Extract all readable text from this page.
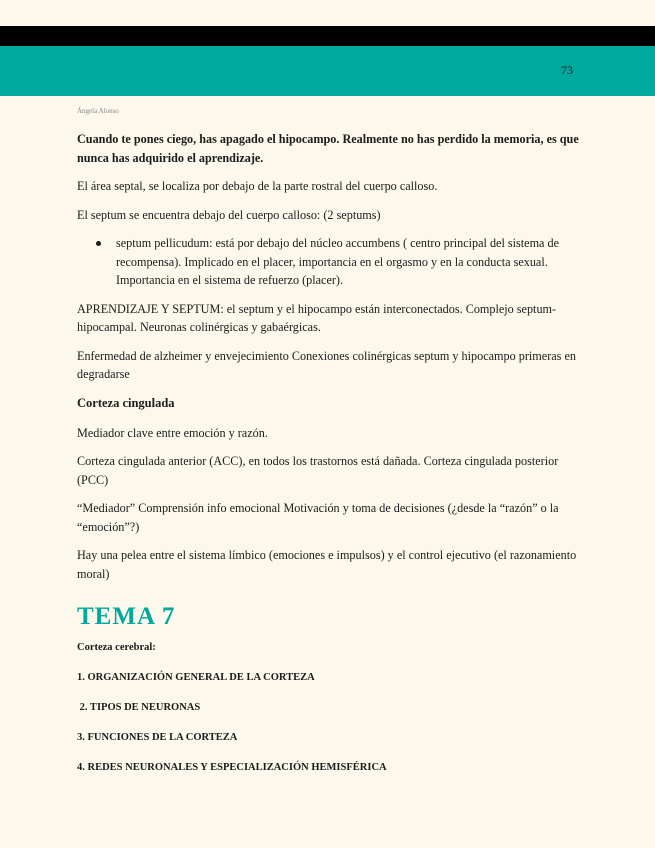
73
Ángela Alonso

Cuando te pones ciego, has apagado el hipocampo. Realmente no has perdido la memoria, es que nunca has adquirido el aprendizaje.

El área septal, se localiza por debajo de la parte rostral del cuerpo calloso.

El septum se encuentra debajo del cuerpo calloso: (2 septums)

septum pellicudum: está por debajo del núcleo accumbens ( centro principal del sistema de recompensa). Implicado en el placer, importancia en el orgasmo y en la conducta sexual. Importancia en el sistema de refuerzo (placer).

APRENDIZAJE Y SEPTUM: el septum y el hipocampo están interconectados. Complejo septum-hipocampal. Neuronas colinérgicas y gabaérgicas.

Enfermedad de alzheimer y envejecimiento Conexiones colinérgicas septum y hipocampo primeras en degradarse

Corteza cingulada

Mediador clave entre emoción y razón.

Corteza cingulada anterior (ACC), en todos los trastornos está dañada. Corteza cingulada posterior (PCC)

“Mediador” Comprensión info emocional Motivación y toma de decisiones (¿desde la “razón” o la “emoción”?)

Hay una pelea entre el sistema límbico (emociones e impulsos) y el control ejecutivo (el razonamiento moral)

TEMA 7
Corteza cerebral:
1. ORGANIZACIÓN GENERAL DE LA CORTEZA
2. TIPOS DE NEURONAS
3. FUNCIONES DE LA CORTEZA
4. REDES NEURONALES Y ESPECIALIZACIÓN HEMISFÉRICA
